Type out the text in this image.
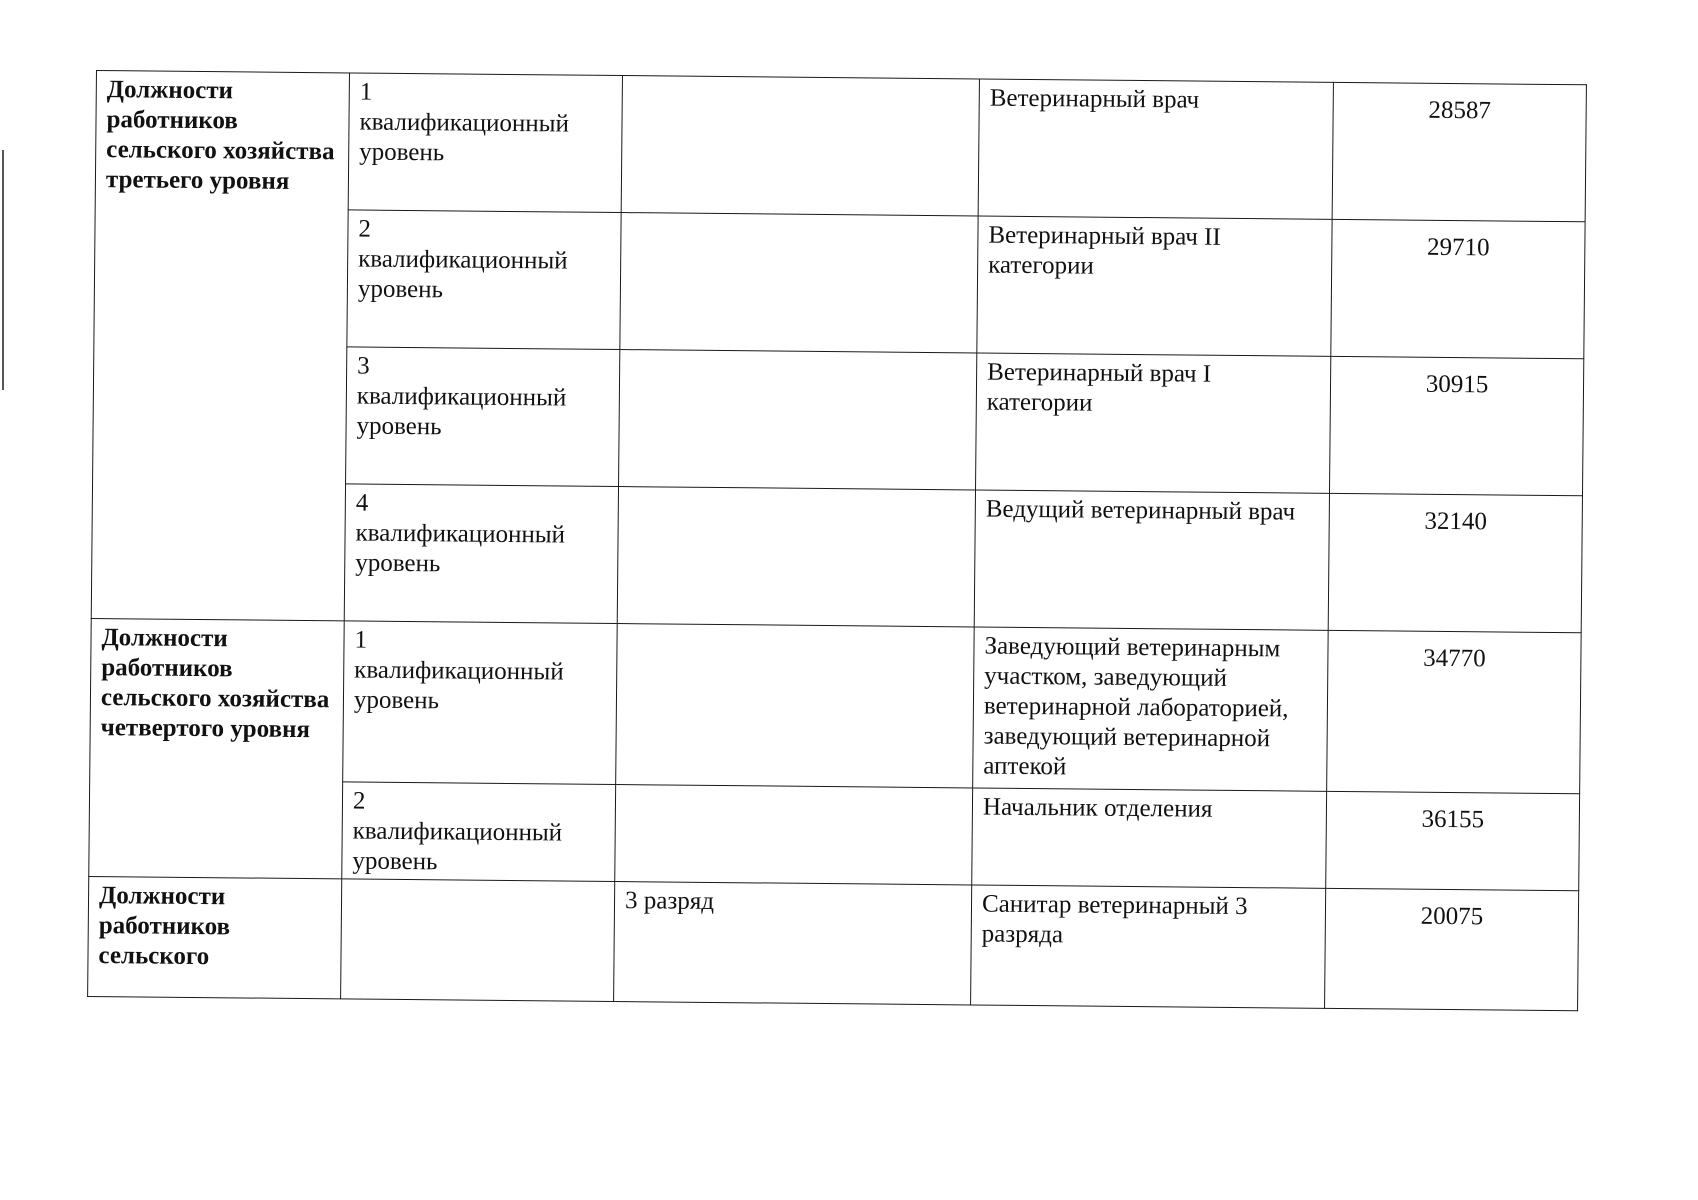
Должности работников сельского хозяйства третьего уровня	1
квалификационный
уровень		Ветеринарный врач	28587

	2
квалификационный
уровень		Ветеринарный врач II категории	29710

	3
квалификационный
уровень		Ветеринарный врач I категории	30915

	4
квалификационный
уровень		Ведущий ветеринарный врач	32140
Должности работников сельского хозяйства четвертого уровня	1
квалификационный
уровень		Заведующий ветеринарным участком, заведующий ветеринарной лабораторией, заведующий ветеринарной аптекой	34770

	2
квалификационный
уровень		Начальник отделения	36155
Должности работников сельского		3 разряд	Санитар ветеринарный 3 разряда	20075
